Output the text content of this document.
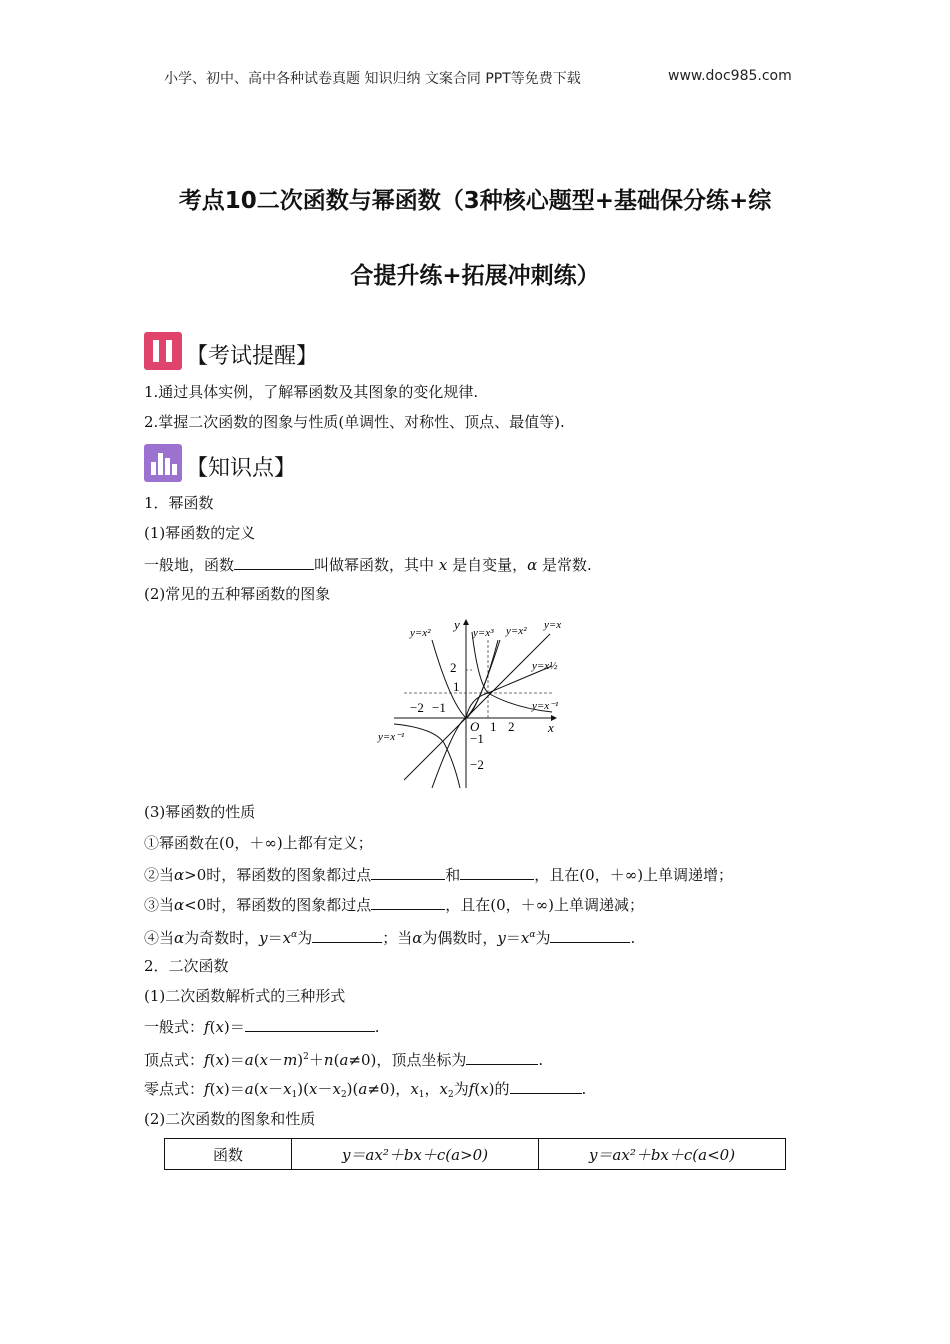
小学、初中、高中各种试卷真题 知识归纳 文案合同 PPT等免费下载	www.doc985.com
考点10二次函数与幂函数（3种核心题型+基础保分练+综
合提升练+拓展冲刺练）
【考试提醒】
1.通过具体实例，了解幂函数及其图象的变化规律.
2.掌握二次函数的图象与性质(单调性、对称性、顶点、最值等).
【知识点】
1．幂函数
(1)幂函数的定义
一般地，函数	叫做幂函数，其中 x 是自变量，α 是常数.
(2)常见的五种幂函数的图象
2
1
−1
−2
−2 −1
1 2
O	x
y
y=x²	y=x³ y=x² y=x
y=x½
y=x⁻¹
y=x⁻¹
(3)幂函数的性质
①幂函数在(0，＋∞)上都有定义；
②当α>0时，幂函数的图象都过点	和	，且在(0，＋∞)上单调递增；
③当α<0时，幂函数的图象都过点	，且在(0，＋∞)上单调递减；
④当α为奇数时，$y=x^\alpha$为	；当α为偶数时，$y=x^\alpha$为	.
2．二次函数
(1)二次函数解析式的三种形式
一般式：f(x)＝	.
顶点式：$f(x)=a(x-m)^2+n(a\ne 0)$，顶点坐标为	.
零点式：$f(x)=a(x-x_1)(x-x_2)(a\ne 0)$，$x_1$，$x_2$为f(x)的	.
(2)二次函数的图象和性质
函数	y＝ax²＋bx＋c(a>0)	y＝ax²＋bx＋c(a<0)
